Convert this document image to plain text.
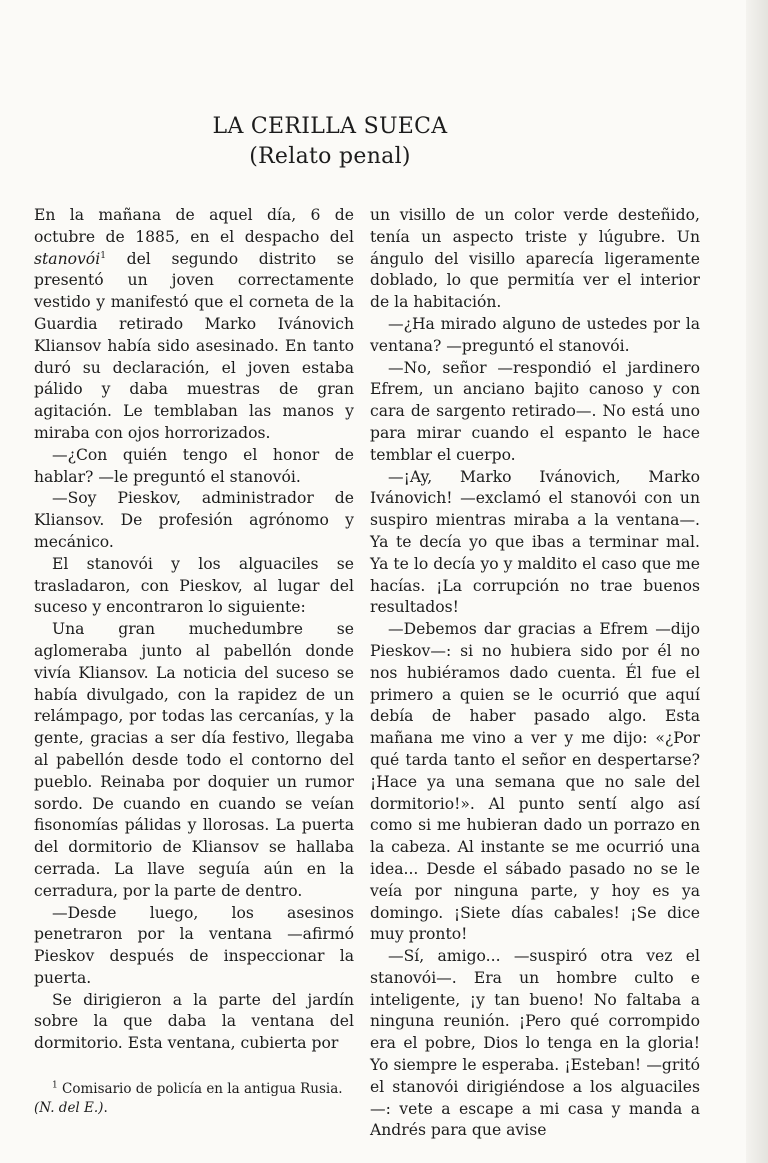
LA CERILLA SUECA
(Relato penal)

En la mañana de aquel día, 6 de octubre de 1885, en el despacho del stanovói$^1$ del segundo distrito se presentó un joven correctamente vestido y manifestó que el corneta de la Guardia retirado Marko Ivánovich Kliansov había sido asesinado. En tanto duró su declaración, el joven estaba pálido y daba muestras de gran agitación. Le temblaban las manos y miraba con ojos horrorizados.

—¿Con quién tengo el honor de hablar? —le preguntó el stanovói.

—Soy Pieskov, administrador de Kliansov. De profesión agrónomo y mecánico.

El stanovói y los alguaciles se trasladaron, con Pieskov, al lugar del suceso y encontraron lo siguiente:

Una gran muchedumbre se aglomeraba junto al pabellón donde vivía Kliansov. La noticia del suceso se había divulgado, con la rapidez de un relámpago, por todas las cercanías, y la gente, gracias a ser día festivo, llegaba al pabellón desde todo el contorno del pueblo. Reinaba por doquier un rumor sordo. De cuando en cuando se veían fisonomías pálidas y llorosas. La puerta del dormitorio de Kliansov se hallaba cerrada. La llave seguía aún en la cerradura, por la parte de dentro.

—Desde luego, los asesinos penetraron por la ventana —afirmó Pieskov después de inspeccionar la puerta.

Se dirigieron a la parte del jardín sobre la que daba la ventana del dormitorio. Esta ventana, cubierta por

$^1$ Comisario de policía en la antigua Rusia. (N. del E.).

un visillo de un color verde desteñido, tenía un aspecto triste y lúgubre. Un ángulo del visillo aparecía ligeramente doblado, lo que permitía ver el interior de la habitación.

—¿Ha mirado alguno de ustedes por la ventana? —preguntó el stanovói.

—No, señor —respondió el jardinero Efrem, un anciano bajito canoso y con cara de sargento retirado—. No está uno para mirar cuando el espanto le hace temblar el cuerpo.

—¡Ay, Marko Ivánovich, Marko Ivánovich! —exclamó el stanovói con un suspiro mientras miraba a la ventana—. Ya te decía yo que ibas a terminar mal. Ya te lo decía yo y maldito el caso que me hacías. ¡La corrupción no trae buenos resultados!

—Debemos dar gracias a Efrem —dijo Pieskov—: si no hubiera sido por él no nos hubiéramos dado cuenta. Él fue el primero a quien se le ocurrió que aquí debía de haber pasado algo. Esta mañana me vino a ver y me dijo: «¿Por qué tarda tanto el señor en despertarse? ¡Hace ya una semana que no sale del dormitorio!». Al punto sentí algo así como si me hubieran dado un porrazo en la cabeza. Al instante se me ocurrió una idea... Desde el sábado pasado no se le veía por ninguna parte, y hoy es ya domingo. ¡Siete días cabales! ¡Se dice muy pronto!

—Sí, amigo... —suspiró otra vez el stanovói—. Era un hombre culto e inteligente, ¡y tan bueno! No faltaba a ninguna reunión. ¡Pero qué corrompido era el pobre, Dios lo tenga en la gloria! Yo siempre le esperaba. ¡Esteban! —gritó el stanovói dirigiéndose a los alguaciles—: vete a escape a mi casa y manda a Andrés para que avise
